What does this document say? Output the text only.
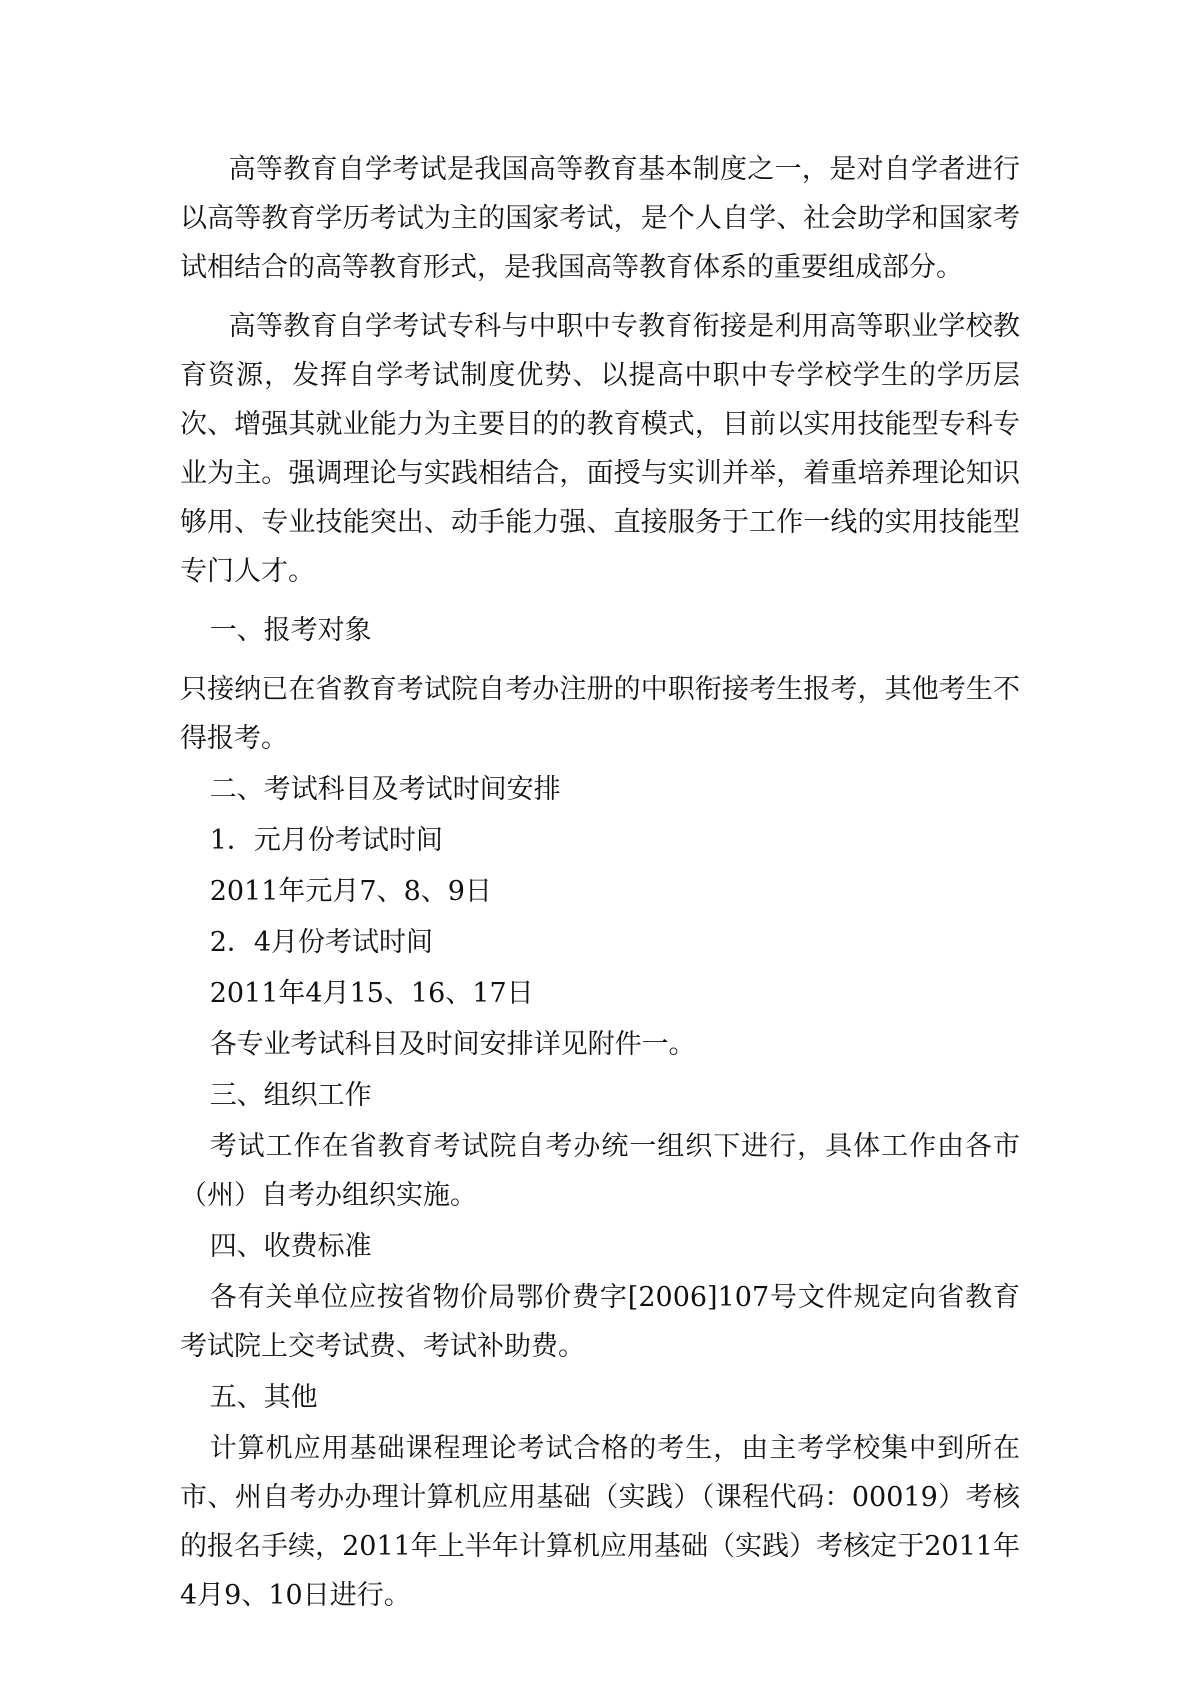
高等教育自学考试是我国高等教育基本制度之一，是对自学者进行以高等教育学历考试为主的国家考试，是个人自学、社会助学和国家考试相结合的高等教育形式，是我国高等教育体系的重要组成部分。

高等教育自学考试专科与中职中专教育衔接是利用高等职业学校教育资源，发挥自学考试制度优势、以提高中职中专学校学生的学历层次、增强其就业能力为主要目的的教育模式，目前以实用技能型专科专业为主。强调理论与实践相结合，面授与实训并举，着重培养理论知识够用、专业技能突出、动手能力强、直接服务于工作一线的实用技能型专门人才。

一、报考对象

只接纳已在省教育考试院自考办注册的中职衔接考生报考，其他考生不得报考。

二、考试科目及考试时间安排

1．元月份考试时间

2011年元月7、8、9日

2．4月份考试时间

2011年4月15、16、17日

各专业考试科目及时间安排详见附件一。

三、组织工作

考试工作在省教育考试院自考办统一组织下进行，具体工作由各市（州）自考办组织实施。

四、收费标准

各有关单位应按省物价局鄂价费字[2006]107号文件规定向省教育考试院上交考试费、考试补助费。

五、其他

计算机应用基础课程理论考试合格的考生，由主考学校集中到所在市、州自考办办理计算机应用基础（实践）（课程代码：00019）考核的报名手续，2011年上半年计算机应用基础（实践）考核定于2011年4月9、10日进行。
